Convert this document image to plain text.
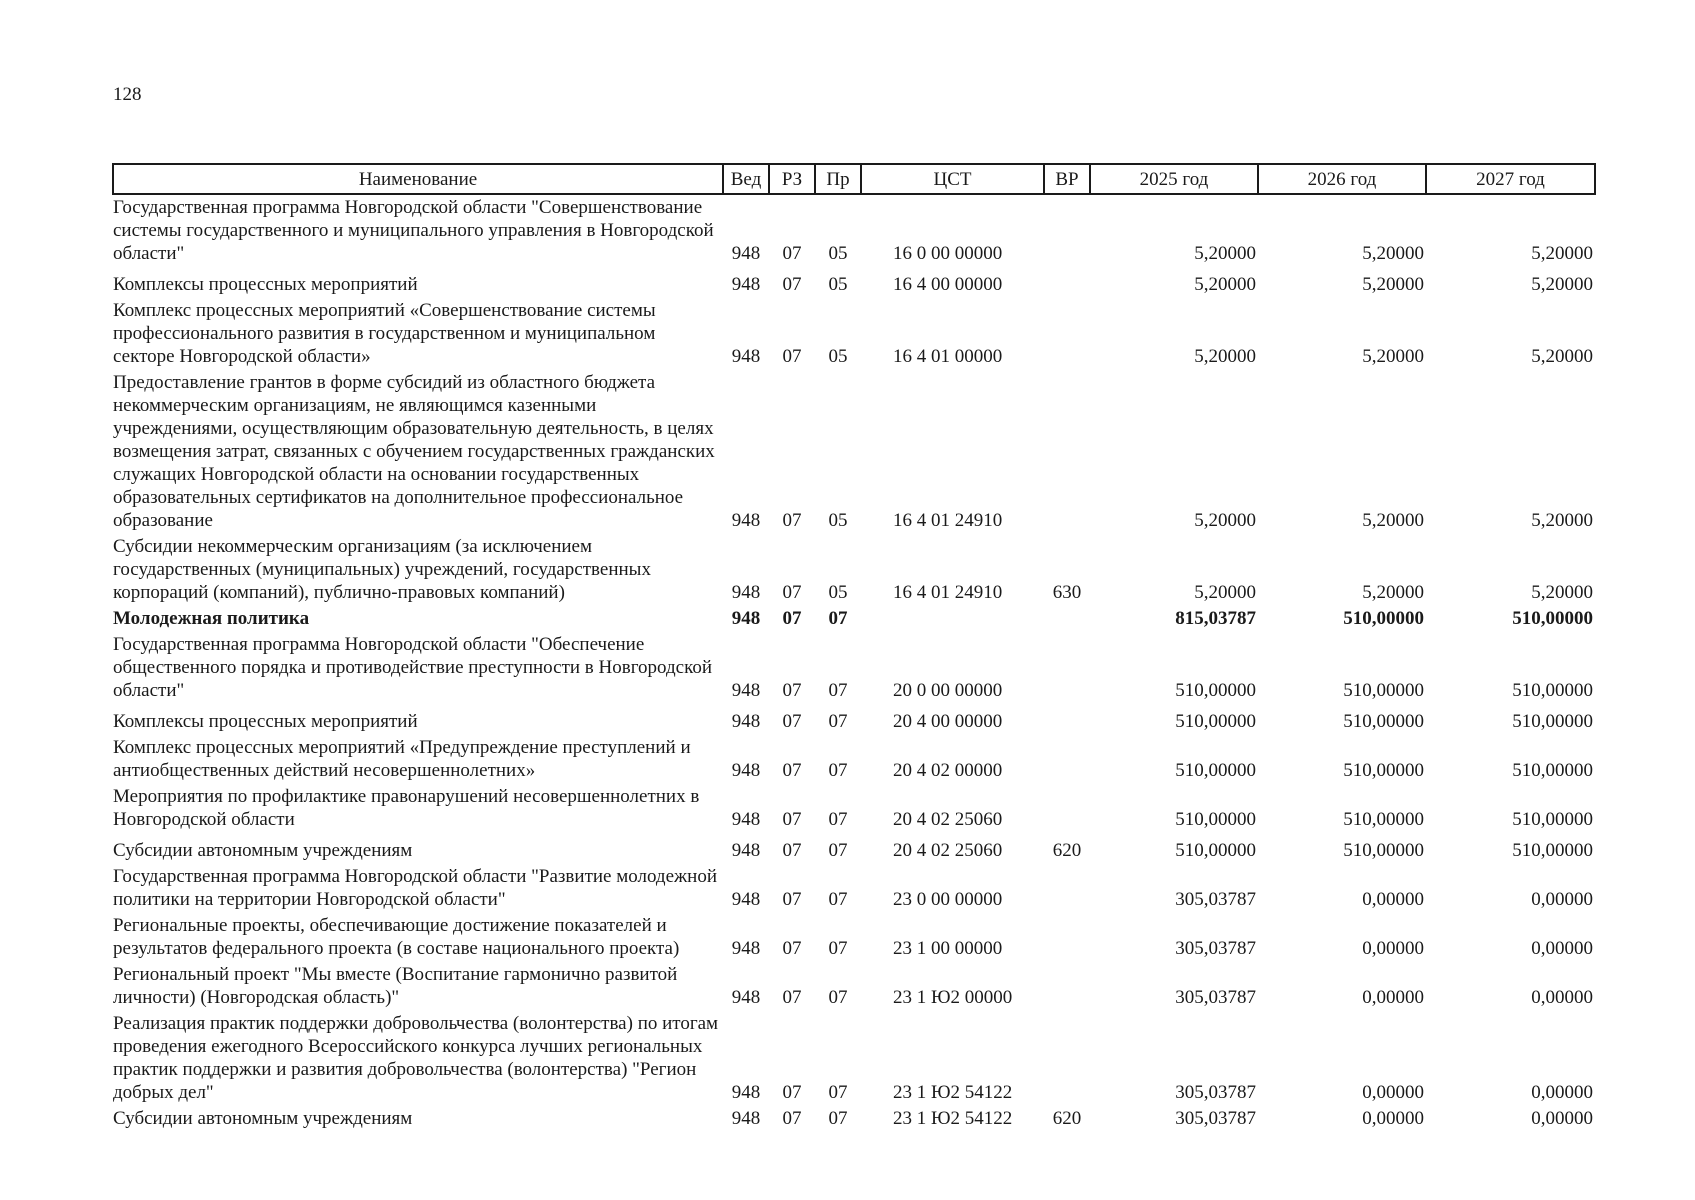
128
Наименование	Вед	РЗ	Пр	ЦСТ	ВР	2025 год	2026 год	2027 год
Государственная программа Новгородской области "Совершенствование системы государственного и муниципального управления в Новгородской области"	948	07	05	16 0 00 00000		5,20000	5,20000	5,20000
Комплексы процессных мероприятий	948	07	05	16 4 00 00000		5,20000	5,20000	5,20000
Комплекс процессных мероприятий «Совершенствование системы профессионального развития в государственном и муниципальном секторе Новгородской области»	948	07	05	16 4 01 00000		5,20000	5,20000	5,20000
Предоставление грантов в форме субсидий из областного бюджета некоммерческим организациям, не являющимся казенными учреждениями, осуществляющим образовательную деятельность, в целях возмещения затрат, связанных с обучением государственных гражданских служащих Новгородской области на основании государственных образовательных сертификатов на дополнительное профессиональное образование	948	07	05	16 4 01 24910		5,20000	5,20000	5,20000
Субсидии некоммерческим организациям (за исключением государственных (муниципальных) учреждений, государственных корпораций (компаний), публично-правовых компаний)	948	07	05	16 4 01 24910	630	5,20000	5,20000	5,20000
Молодежная политика	948	07	07			815,03787	510,00000	510,00000
Государственная программа Новгородской области "Обеспечение общественного порядка и противодействие преступности в Новгородской области"	948	07	07	20 0 00 00000		510,00000	510,00000	510,00000
Комплексы процессных мероприятий	948	07	07	20 4 00 00000		510,00000	510,00000	510,00000
Комплекс процессных мероприятий «Предупреждение преступлений и антиобщественных действий несовершеннолетних»	948	07	07	20 4 02 00000		510,00000	510,00000	510,00000
Мероприятия по профилактике правонарушений несовершеннолетних в Новгородской области	948	07	07	20 4 02 25060		510,00000	510,00000	510,00000
Субсидии автономным учреждениям	948	07	07	20 4 02 25060	620	510,00000	510,00000	510,00000
Государственная программа Новгородской области "Развитие молодежной политики на территории Новгородской области"	948	07	07	23 0 00 00000		305,03787	0,00000	0,00000
Региональные проекты, обеспечивающие достижение показателей и результатов федерального проекта (в составе национального проекта)	948	07	07	23 1 00 00000		305,03787	0,00000	0,00000
Региональный проект "Мы вместе (Воспитание гармонично развитой личности) (Новгородская область)"	948	07	07	23 1 Ю2 00000		305,03787	0,00000	0,00000
Реализация практик поддержки добровольчества (волонтерства) по итогам проведения ежегодного Всероссийского конкурса лучших региональных практик поддержки и развития добровольчества (волонтерства) "Регион добрых дел"	948	07	07	23 1 Ю2 54122		305,03787	0,00000	0,00000
Субсидии автономным учреждениям	948	07	07	23 1 Ю2 54122	620	305,03787	0,00000	0,00000
